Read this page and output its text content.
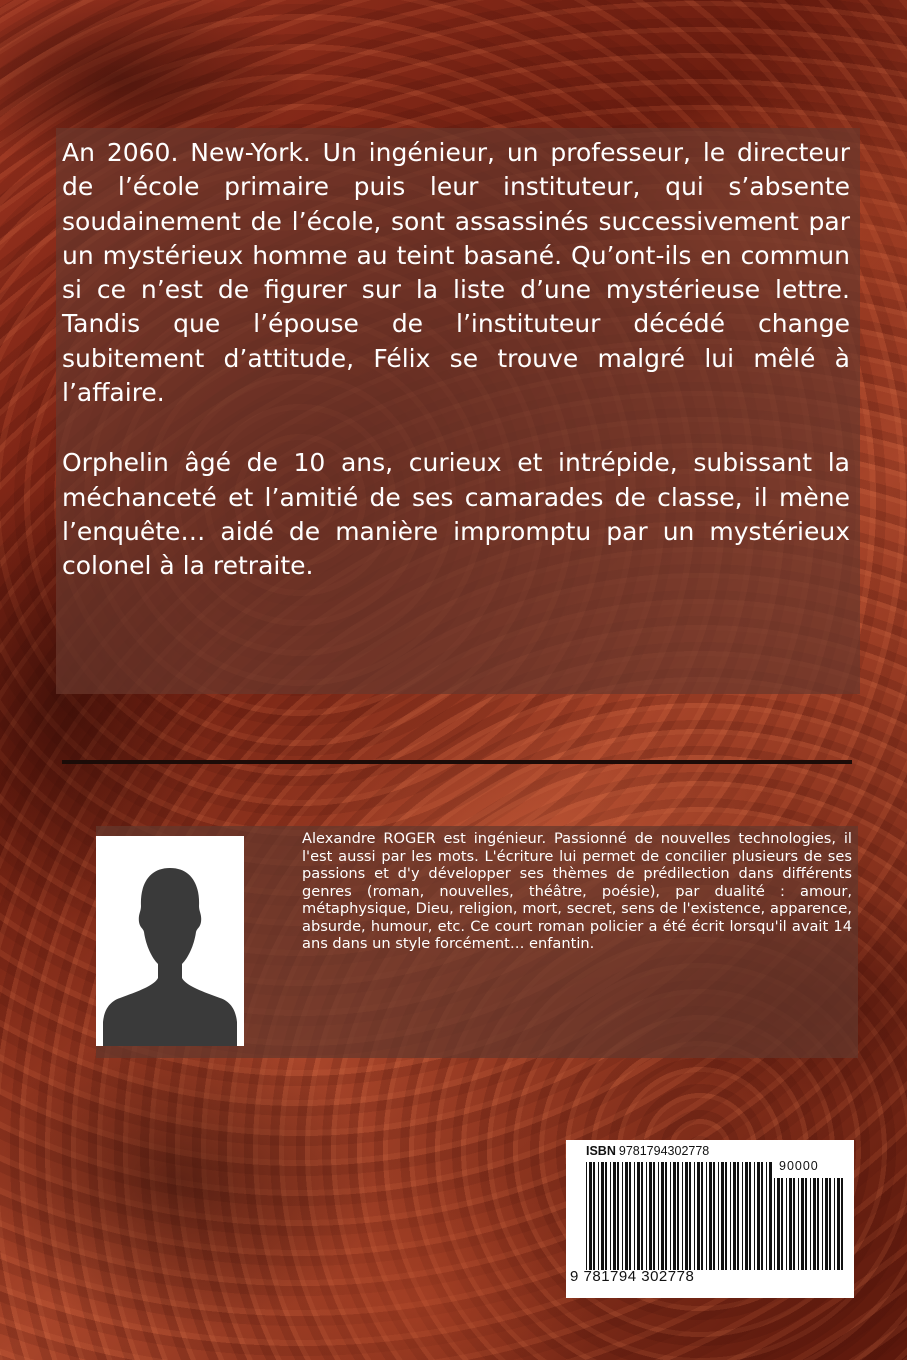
An 2060. New-York. Un ingénieur, un professeur, le directeur de l’école primaire puis leur instituteur, qui s’absente soudainement de l’école, sont assassinés successivement par un mystérieux homme au teint basané. Qu’ont-ils en commun si ce n’est de figurer sur la liste d’une mystérieuse lettre. Tandis que l’épouse de l’instituteur décédé change subitement d’attitude, Félix se trouve malgré lui mêlé à l’affaire.

Orphelin âgé de 10 ans, curieux et intrépide, subissant la méchanceté et l’amitié de ses camarades de classe, il mène l’enquête… aidé de manière impromptu par un mystérieux colonel à la retraite.

Alexandre ROGER est ingénieur. Passionné de nouvelles technologies, il l'est aussi par les mots. L'écriture lui permet de concilier plusieurs de ses passions et d'y développer ses thèmes de prédilection dans différents genres (roman, nouvelles, théâtre, poésie), par dualité : amour, métaphysique, Dieu, religion, mort, secret, sens de l'existence, apparence, absurde, humour, etc. Ce court roman policier a été écrit lorsqu'il avait 14 ans dans un style forcément… enfantin.

ISBN 9781794302778
90000
9 781794 302778
